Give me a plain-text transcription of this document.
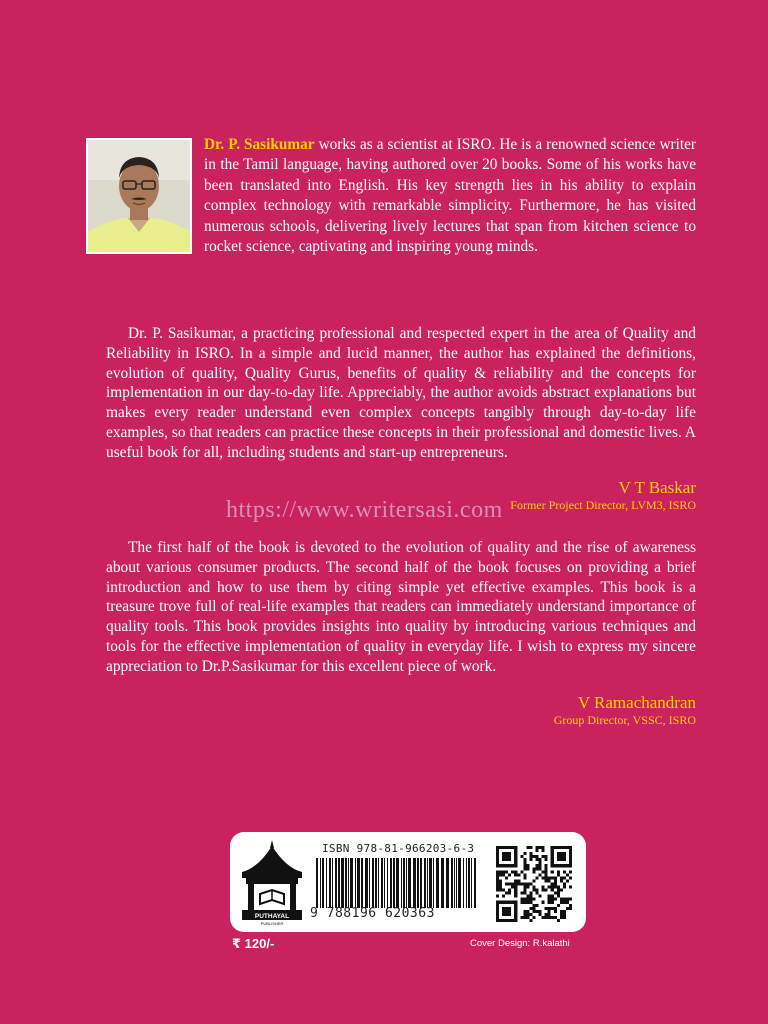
Dr. P. Sasikumar works as a scientist at ISRO. He is a renowned science writer in the Tamil language, having authored over 20 books. Some of his works have been translated into English. His key strength lies in his ability to explain complex technology with remarkable simplicity. Furthermore, he has visited numerous schools, delivering lively lectures that span from kitchen science to rocket science, captivating and inspiring young minds.

Dr. P. Sasikumar, a practicing professional and respected expert in the area of Quality and Reliability in ISRO. In a simple and lucid manner, the author has explained the definitions, evolution of quality, Quality Gurus, benefits of quality & reliability and the concepts for implementation in our day-to-day life. Appreciably, the author avoids abstract explanations but makes every reader understand even complex concepts tangibly through day-to-day life examples, so that readers can practice these concepts in their professional and domestic lives. A useful book for all, including students and start-up entrepreneurs.

V T Baskar
Former Project Director, LVM3, ISRO
https://www.writersasi.com

The first half of the book is devoted to the evolution of quality and the rise of awareness about various consumer products. The second half of the book focuses on providing a brief introduction and how to use them by citing simple yet effective examples. This book is a treasure trove full of real-life examples that readers can immediately understand importance of quality tools. This book provides insights into quality by introducing various techniques and tools for the effective implementation of quality in everyday life. I wish to express my sincere appreciation to Dr.P.Sasikumar for this excellent piece of work.

V Ramachandran
Group Director, VSSC, ISRO
PUTHAYAL
PUBLISHER
ISBN 978-81-966203-6-3
9 788196 620363
₹ 120/-	Cover Design: R.kalathi
